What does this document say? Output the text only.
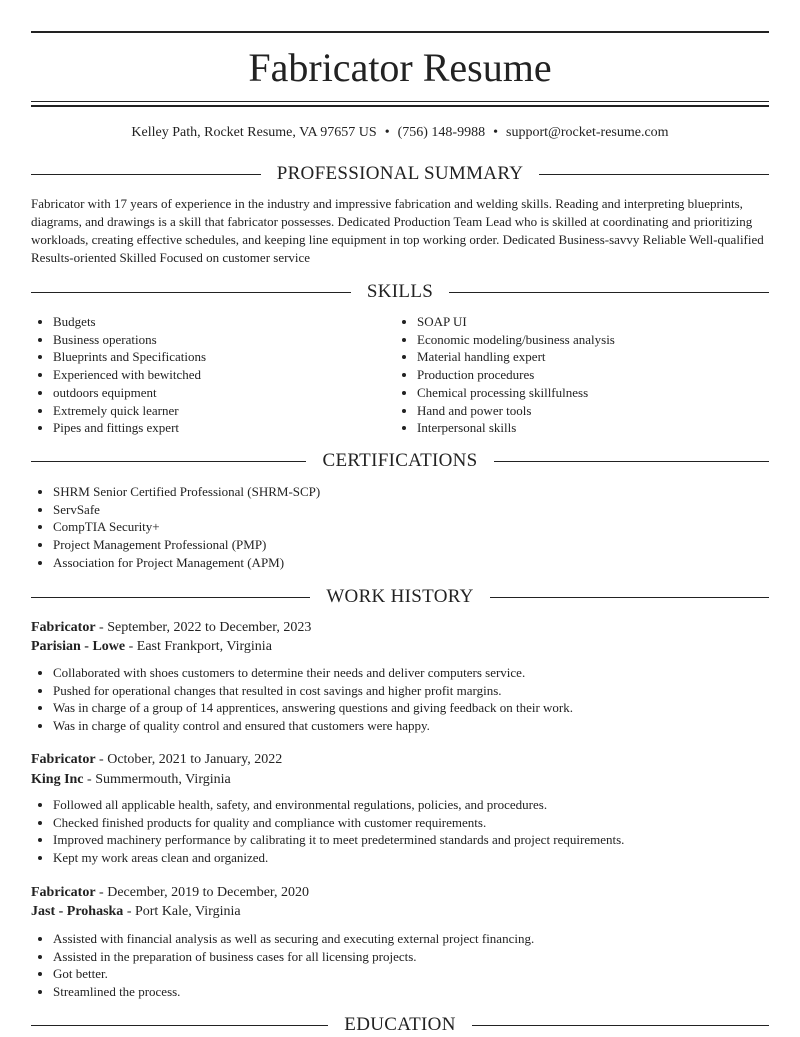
Fabricator Resume
Kelley Path, Rocket Resume, VA 97657 US • (756) 148-9988 • support@rocket-resume.com
PROFESSIONAL SUMMARY
Fabricator with 17 years of experience in the industry and impressive fabrication and welding skills. Reading and interpreting blueprints, diagrams, and drawings is a skill that fabricator possesses. Dedicated Production Team Lead who is skilled at coordinating and prioritizing workloads, creating effective schedules, and keeping line equipment in top working order. Dedicated Business-savvy Reliable Well-qualified Results-oriented Skilled Focused on customer service
SKILLS
• Budgets
• Business operations
• Blueprints and Specifications
• Experienced with bewitched
• outdoors equipment
• Extremely quick learner
• Pipes and fittings expert
• SOAP UI
• Economic modeling/business analysis
• Material handling expert
• Production procedures
• Chemical processing skillfulness
• Hand and power tools
• Interpersonal skills
CERTIFICATIONS
• SHRM Senior Certified Professional (SHRM-SCP)
• ServSafe
• CompTIA Security+
• Project Management Professional (PMP)
• Association for Project Management (APM)
WORK HISTORY
Fabricator - September, 2022 to December, 2023
Parisian - Lowe - East Frankport, Virginia
• Collaborated with shoes customers to determine their needs and deliver computers service.
• Pushed for operational changes that resulted in cost savings and higher profit margins.
• Was in charge of a group of 14 apprentices, answering questions and giving feedback on their work.
• Was in charge of quality control and ensured that customers were happy.
Fabricator - October, 2021 to January, 2022
King Inc - Summermouth, Virginia
• Followed all applicable health, safety, and environmental regulations, policies, and procedures.
• Checked finished products for quality and compliance with customer requirements.
• Improved machinery performance by calibrating it to meet predetermined standards and project requirements.
• Kept my work areas clean and organized.
Fabricator - December, 2019 to December, 2020
Jast - Prohaska - Port Kale, Virginia
• Assisted with financial analysis as well as securing and executing external project financing.
• Assisted in the preparation of business cases for all licensing projects.
• Got better.
• Streamlined the process.
EDUCATION
